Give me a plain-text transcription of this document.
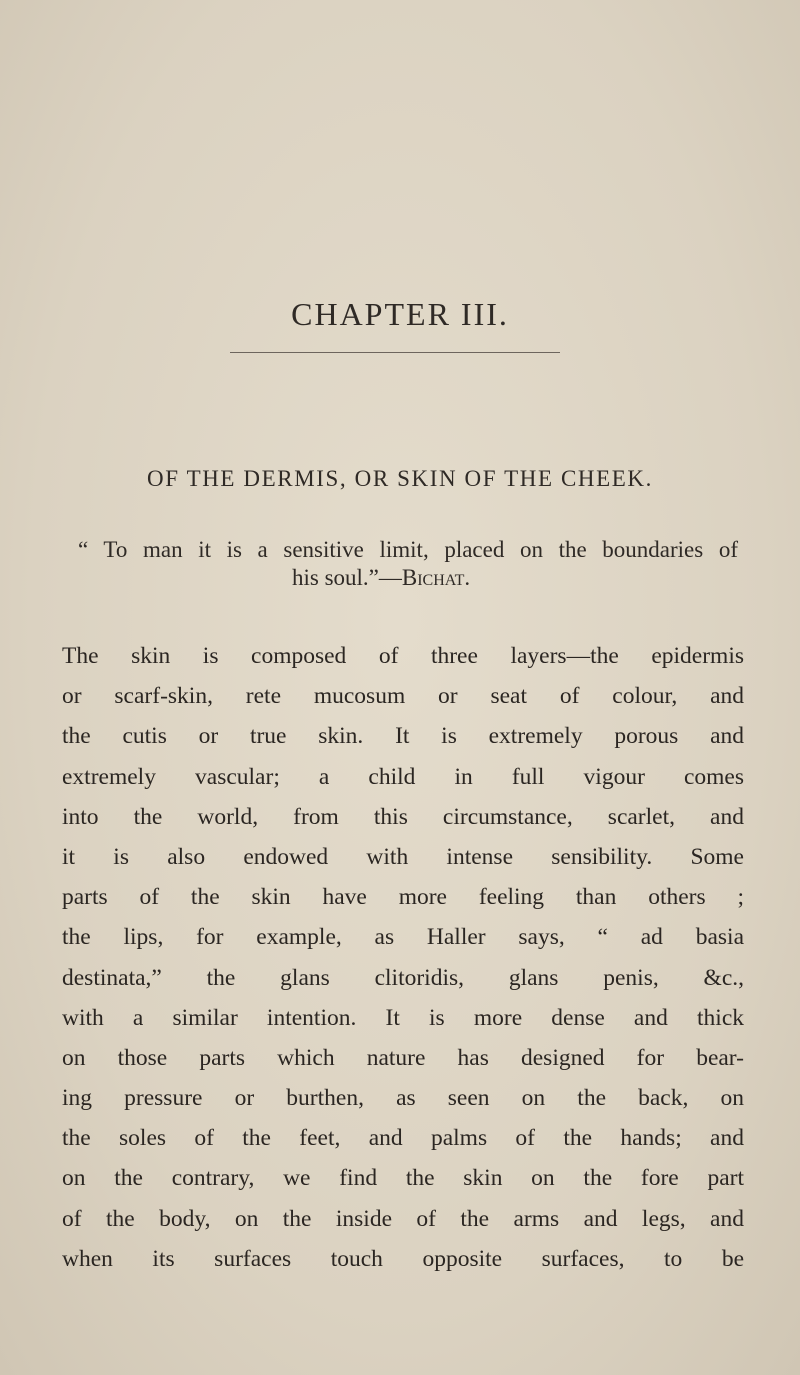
CHAPTER III.
OF THE DERMIS, OR SKIN OF THE CHEEK.
“ To man it is a sensitive limit, placed on the boundaries of
his soul.”—Bichat.
The skin is composed of three layers—the epidermis
or scarf-skin, rete mucosum or seat of colour, and
the cutis or true skin. It is extremely porous and
extremely vascular; a child in full vigour comes
into the world, from this circumstance, scarlet, and
it is also endowed with intense sensibility. Some
parts of the skin have more feeling than others ;
the lips, for example, as Haller says, “ ad basia
destinata,” the glans clitoridis, glans penis, &c.,
with a similar intention. It is more dense and thick
on those parts which nature has designed for bear-
ing pressure or burthen, as seen on the back, on
the soles of the feet, and palms of the hands; and
on the contrary, we find the skin on the fore part
of the body, on the inside of the arms and legs, and
when its surfaces touch opposite surfaces, to be
